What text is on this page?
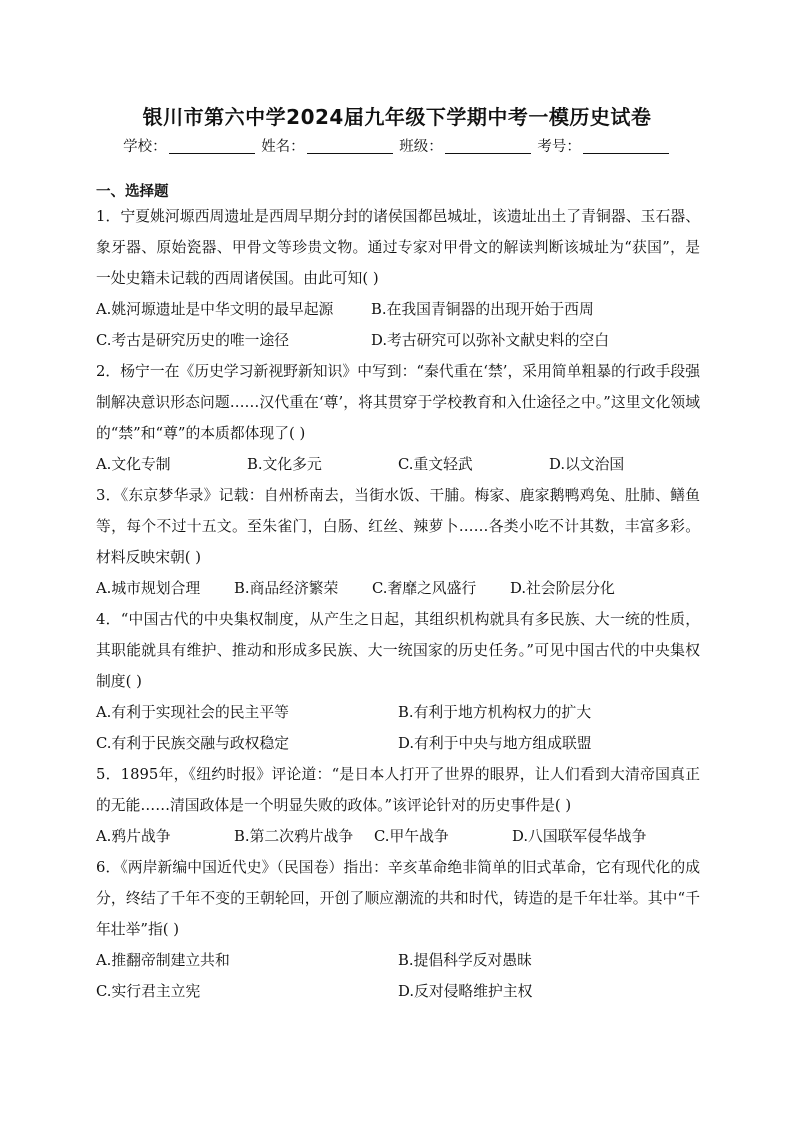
银川市第六中学2024届九年级下学期中考一模历史试卷
学校：	姓名：	班级：	考号：
一、选择题

1．宁夏姚河塬西周遗址是西周早期分封的诸侯国都邑城址，该遗址出土了青铜器、玉石器、象牙器、原始瓷器、甲骨文等珍贵文物。通过专家对甲骨文的解读判断该城址为“获国”，是一处史籍未记载的西周诸侯国。由此可知( )

A.姚河塬遗址是中华文明的最早起源	B.在我国青铜器的出现开始于西周
C.考古是研究历史的唯一途径	D.考古研究可以弥补文献史料的空白

2．杨宁一在《历史学习新视野新知识》中写到：“秦代重在‘禁’，采用简单粗暴的行政手段强制解决意识形态问题……汉代重在‘尊’，将其贯穿于学校教育和入仕途径之中。”这里文化领域的“禁”和“尊”的本质都体现了( )

A.文化专制	B.文化多元	C.重文轻武	D.以文治国

3．《东京梦华录》记载：自州桥南去，当街水饭、干脯。梅家、鹿家鹅鸭鸡兔、肚肺、鳝鱼等，每个不过十五文。至朱雀门，白肠、红丝、辣萝卜……各类小吃不计其数，丰富多彩。材料反映宋朝( )

A.城市规划合理	B.商品经济繁荣	C.奢靡之风盛行	D.社会阶层分化

4．“中国古代的中央集权制度，从产生之日起，其组织机构就具有多民族、大一统的性质，其职能就具有维护、推动和形成多民族、大一统国家的历史任务。”可见中国古代的中央集权制度( )

A.有利于实现社会的民主平等	B.有利于地方机构权力的扩大
C.有利于民族交融与政权稳定	D.有利于中央与地方组成联盟

5．1895年，《纽约时报》评论道：“是日本人打开了世界的眼界，让人们看到大清帝国真正的无能……清国政体是一个明显失败的政体。”该评论针对的历史事件是( )

A.鸦片战争	B.第二次鸦片战争	C.甲午战争	D.八国联军侵华战争

6．《两岸新编中国近代史》（民国卷）指出：辛亥革命绝非简单的旧式革命，它有现代化的成分，终结了千年不变的王朝轮回，开创了顺应潮流的共和时代，铸造的是千年壮举。其中“千年壮举”指( )

A.推翻帝制建立共和	B.提倡科学反对愚昧
C.实行君主立宪	D.反对侵略维护主权
